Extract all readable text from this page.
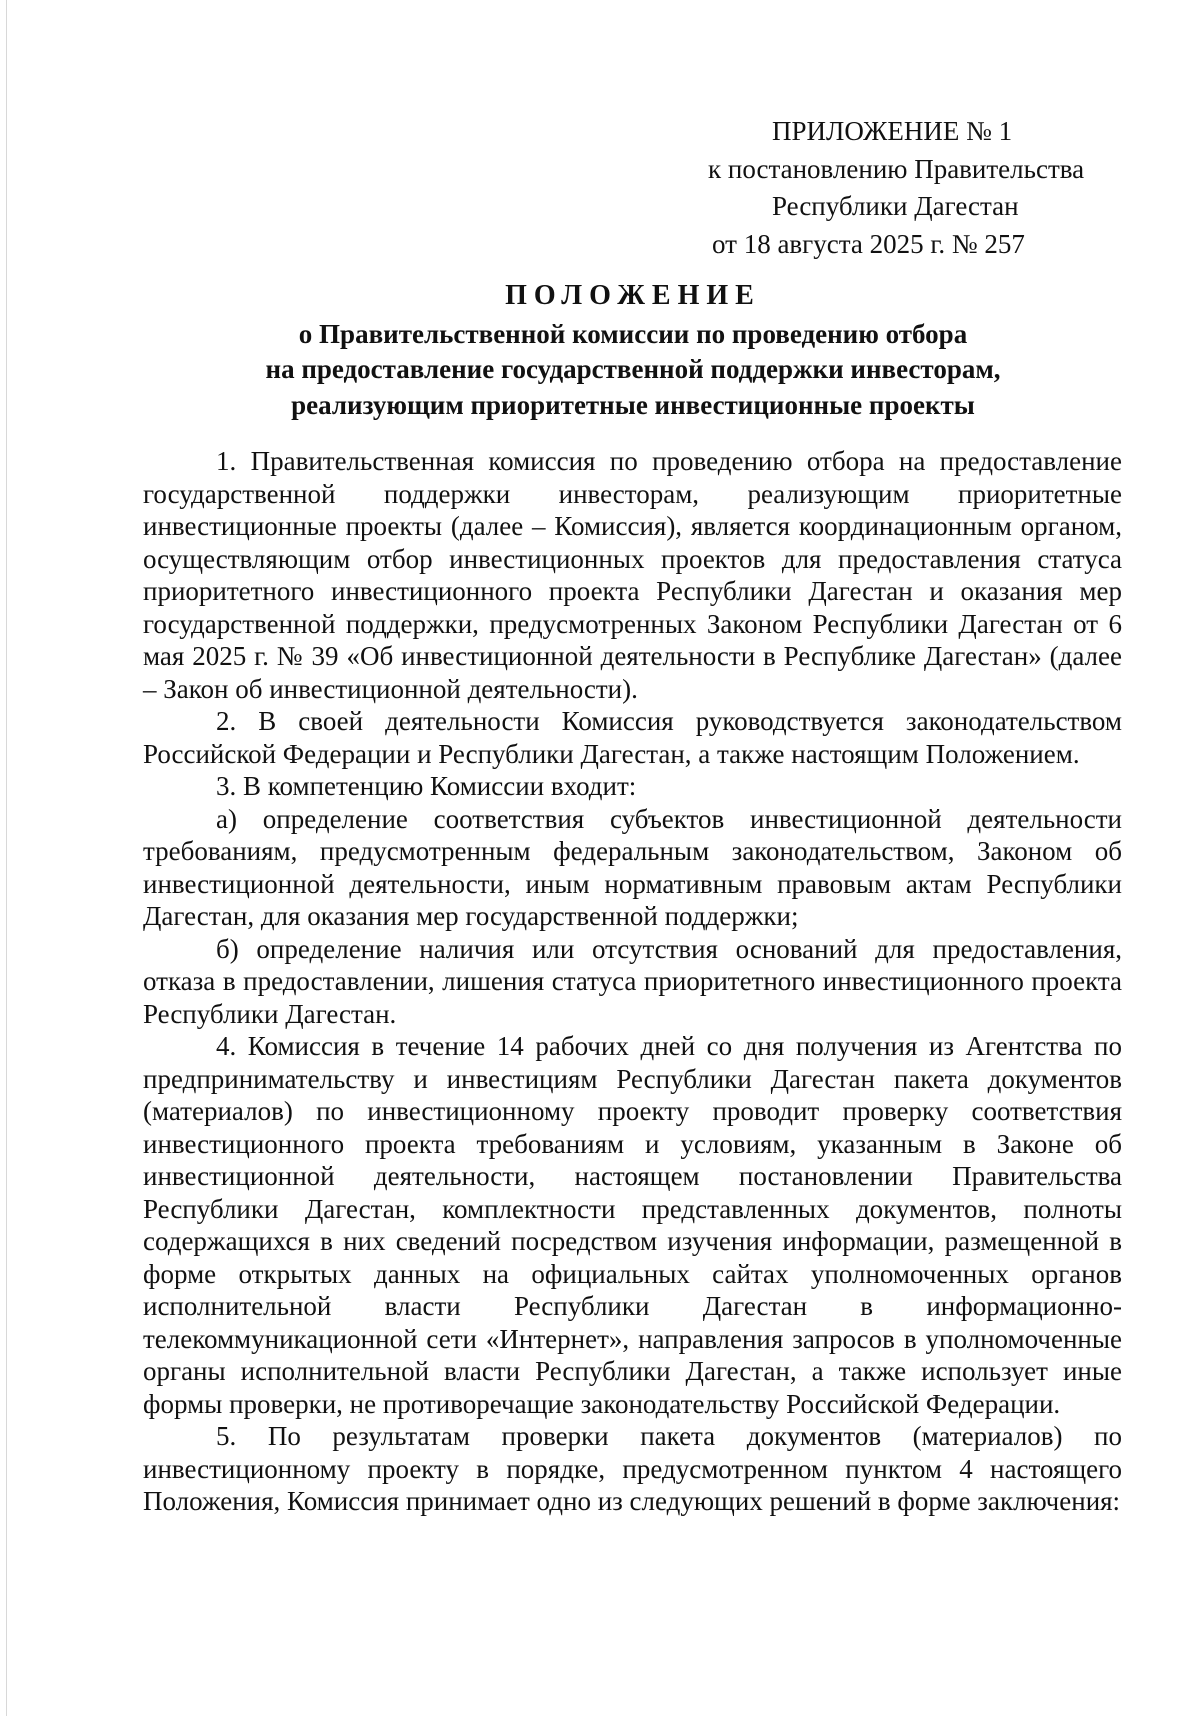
ПРИЛОЖЕНИЕ № 1
к постановлению Правительства
Республики Дагестан
от 18 августа 2025 г. № 257
ПОЛОЖЕНИЕ
о Правительственной комиссии по проведению отбора
на предоставление государственной поддержки инвесторам,
реализующим приоритетные инвестиционные проекты

1. Правительственная комиссия по проведению отбора на предоставление государственной поддержки инвесторам, реализующим приоритетные инвестиционные проекты (далее – Комиссия), является координационным органом, осуществляющим отбор инвестиционных проектов для предоставления статуса приоритетного инвестиционного проекта Республики Дагестан и оказания мер государственной поддержки, предусмотренных Законом Республики Дагестан от 6 мая 2025 г. № 39 «Об инвестиционной деятельности в Республике Дагестан» (далее – Закон об инвестиционной деятельности).

2. В своей деятельности Комиссия руководствуется законодательством Российской Федерации и Республики Дагестан, а также настоящим Положением.

3. В компетенцию Комиссии входит:

а) определение соответствия субъектов инвестиционной деятельности требованиям, предусмотренным федеральным законодательством, Законом об инвестиционной деятельности, иным нормативным правовым актам Республики Дагестан, для оказания мер государственной поддержки;

б) определение наличия или отсутствия оснований для предоставления, отказа в предоставлении, лишения статуса приоритетного инвестиционного проекта Республики Дагестан.

4. Комиссия в течение 14 рабочих дней со дня получения из Агентства по предпринимательству и инвестициям Республики Дагестан пакета документов (материалов) по инвестиционному проекту проводит проверку соответствия инвестиционного проекта требованиям и условиям, указанным в Законе об инвестиционной деятельности, настоящем постановлении Правительства Республики Дагестан, комплектности представленных документов, полноты содержащихся в них сведений посредством изучения информации, размещенной в форме открытых данных на официальных сайтах уполномоченных органов исполнительной власти Республики Дагестан в информационно-телекоммуникационной сети «Интернет», направления запросов в уполномоченные органы исполнительной власти Республики Дагестан, а также использует иные формы проверки, не противоречащие законодательству Российской Федерации.

5. По результатам проверки пакета документов (материалов) по инвестиционному проекту в порядке, предусмотренном пунктом 4 настоящего Положения, Комиссия принимает одно из следующих решений в форме заключения:
